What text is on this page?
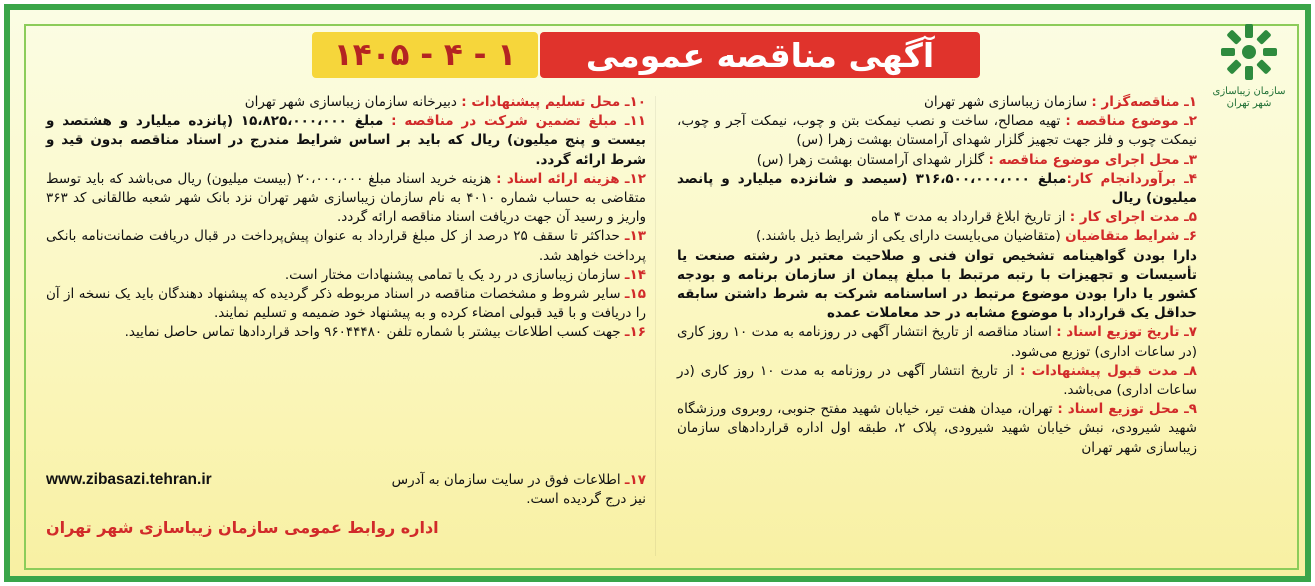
سازمان زیباسازی شهر تهران
آگهی مناقصه عمومی
۱ - ۴ - ۱۴۰۵

۱ـ مناقصه‌گزار : سازمان زیباسازی شهر تهران

۲ـ موضوع مناقصه : تهیه مصالح، ساخت و نصب نیمکت بتن و چوب، نیمکت آجر و چوب، نیمکت چوب و فلز جهت تجهیز گلزار شهدای آرامستان بهشت زهرا (س)

۳ـ محل اجرای موضوع مناقصه : گلزار شهدای آرامستان بهشت زهرا (س)

۴ـ برآوردانجام کار:مبلغ ۳۱۶،۵۰۰،۰۰۰،۰۰۰ (سیصد و شانزده میلیارد و پانصد میلیون) ریال

۵ـ مدت اجرای کار : از تاریخ ابلاغ قرارداد به مدت ۴ ماه

۶ـ شرایط متقاضیان (متقاضیان می‌بایست دارای یکی از شرایط ذیل باشند.)

دارا بودن گواهینامه تشخیص توان فنی و صلاحیت معتبر در رشته صنعت یا تأسیسات و تجهیزات با رتبه مرتبط با مبلغ پیمان از سازمان برنامه و بودجه کشور یا دارا بودن موضوع مرتبط در اساسنامه شرکت به شرط داشتن سابقه حداقل یک قرارداد با موضوع مشابه در حد معاملات عمده

۷ـ تاریخ توزیع اسناد : اسناد مناقصه از تاریخ انتشار آگهی در روزنامه به مدت ۱۰ روز کاری (در ساعات اداری) توزیع می‌شود.

۸ـ مدت قبول پیشنهادات : از تاریخ انتشار آگهی در روزنامه به مدت ۱۰ روز کاری (در ساعات اداری) می‌باشد.

۹ـ محل توزیع اسناد : تهران، میدان هفت تیر، خیابان شهید مفتح جنوبی، روبروی ورزشگاه شهید شیرودی، نبش خیابان شهید شیرودی، پلاک ۲، طبقه اول اداره قراردادهای سازمان زیباسازی شهر تهران

۱۰ـ محل تسلیم پیشنهادات : دبیرخانه سازمان زیباسازی شهر تهران

۱۱ـ مبلغ تضمین شرکت در مناقصه : مبلغ ۱۵،۸۲۵،۰۰۰،۰۰۰ (پانزده میلیارد و هشتصد و بیست و پنج میلیون) ریال که باید بر اساس شرایط مندرج در اسناد مناقصه بدون قید و شرط ارائه گردد.

۱۲ـ هزینه ارائه اسناد : هزینه خرید اسناد مبلغ ۲۰،۰۰۰،۰۰۰ (بیست میلیون) ریال می‌باشد که باید توسط متقاضی به حساب شماره ۴۰۱۰ به نام سازمان زیباسازی شهر تهران نزد بانک شهر شعبه طالقانی کد ۳۶۳ واریز و رسید آن جهت دریافت اسناد مناقصه ارائه گردد.

۱۳ـ حداکثر تا سقف ۲۵ درصد از کل مبلغ قرارداد به عنوان پیش‌پرداخت در قبال دریافت ضمانت‌نامه بانکی پرداخت خواهد شد.

۱۴ـ سازمان زیباسازی در رد یک یا تمامی پیشنهادات مختار است.

۱۵ـ سایر شروط و مشخصات مناقصه در اسناد مربوطه ذکر گردیده که پیشنهاد دهندگان باید یک نسخه از آن را دریافت و با قید قبولی امضاء کرده و به پیشنهاد خود ضمیمه و تسلیم نمایند.

۱۶ـ جهت کسب اطلاعات بیشتر با شماره تلفن ۹۶۰۴۴۴۸۰ واحد قراردادها تماس حاصل نمایید.

۱۷ـ اطلاعات فوق در سایت سازمان به آدرس
نیز درج گردیده است.
www.zibasazi.tehran.ir
اداره روابط عمومی سازمان زیباسازی شهر تهران
